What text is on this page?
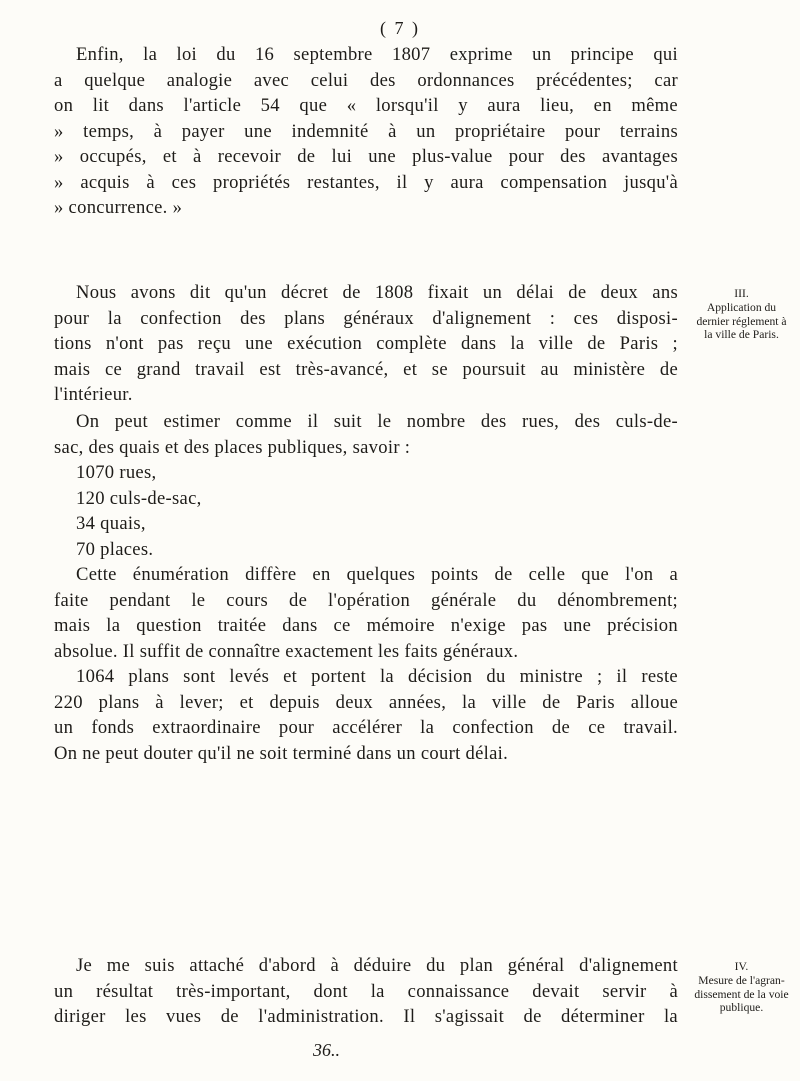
( 7 )
Enfin, la loi du 16 septembre 1807 exprime un principe qui
a quelque analogie avec celui des ordonnances précédentes; car
on lit dans l'article 54 que « lorsqu'il y aura lieu, en même
» temps, à payer une indemnité à un propriétaire pour terrains
» occupés, et à recevoir de lui une plus-value pour des avantages
» acquis à ces propriétés restantes, il y aura compensation jusqu'à
» concurrence. »
Nous avons dit qu'un décret de 1808 fixait un délai de deux ans
pour la confection des plans généraux d'alignement : ces disposi-
tions n'ont pas reçu une exécution complète dans la ville de Paris ;
mais ce grand travail est très-avancé, et se poursuit au ministère de
l'intérieur.
III.
Application du
dernier réglement à
la ville de Paris.
On peut estimer comme il suit le nombre des rues, des culs-de-
sac, des quais et des places publiques, savoir :
1070 rues,
120 culs-de-sac,
34 quais,
70 places.
Cette énumération diffère en quelques points de celle que l'on a
faite pendant le cours de l'opération générale du dénombrement;
mais la question traitée dans ce mémoire n'exige pas une précision
absolue. Il suffit de connaître exactement les faits généraux.
1064 plans sont levés et portent la décision du ministre ; il reste
220 plans à lever; et depuis deux années, la ville de Paris alloue
un fonds extraordinaire pour accélérer la confection de ce travail.
On ne peut douter qu'il ne soit terminé dans un court délai.
Je me suis attaché d'abord à déduire du plan général d'alignement
un résultat très-important, dont la connaissance devait servir à
diriger les vues de l'administration. Il s'agissait de déterminer la
IV.
Mesure de l'agran-
dissement de la voie
publique.
36..
